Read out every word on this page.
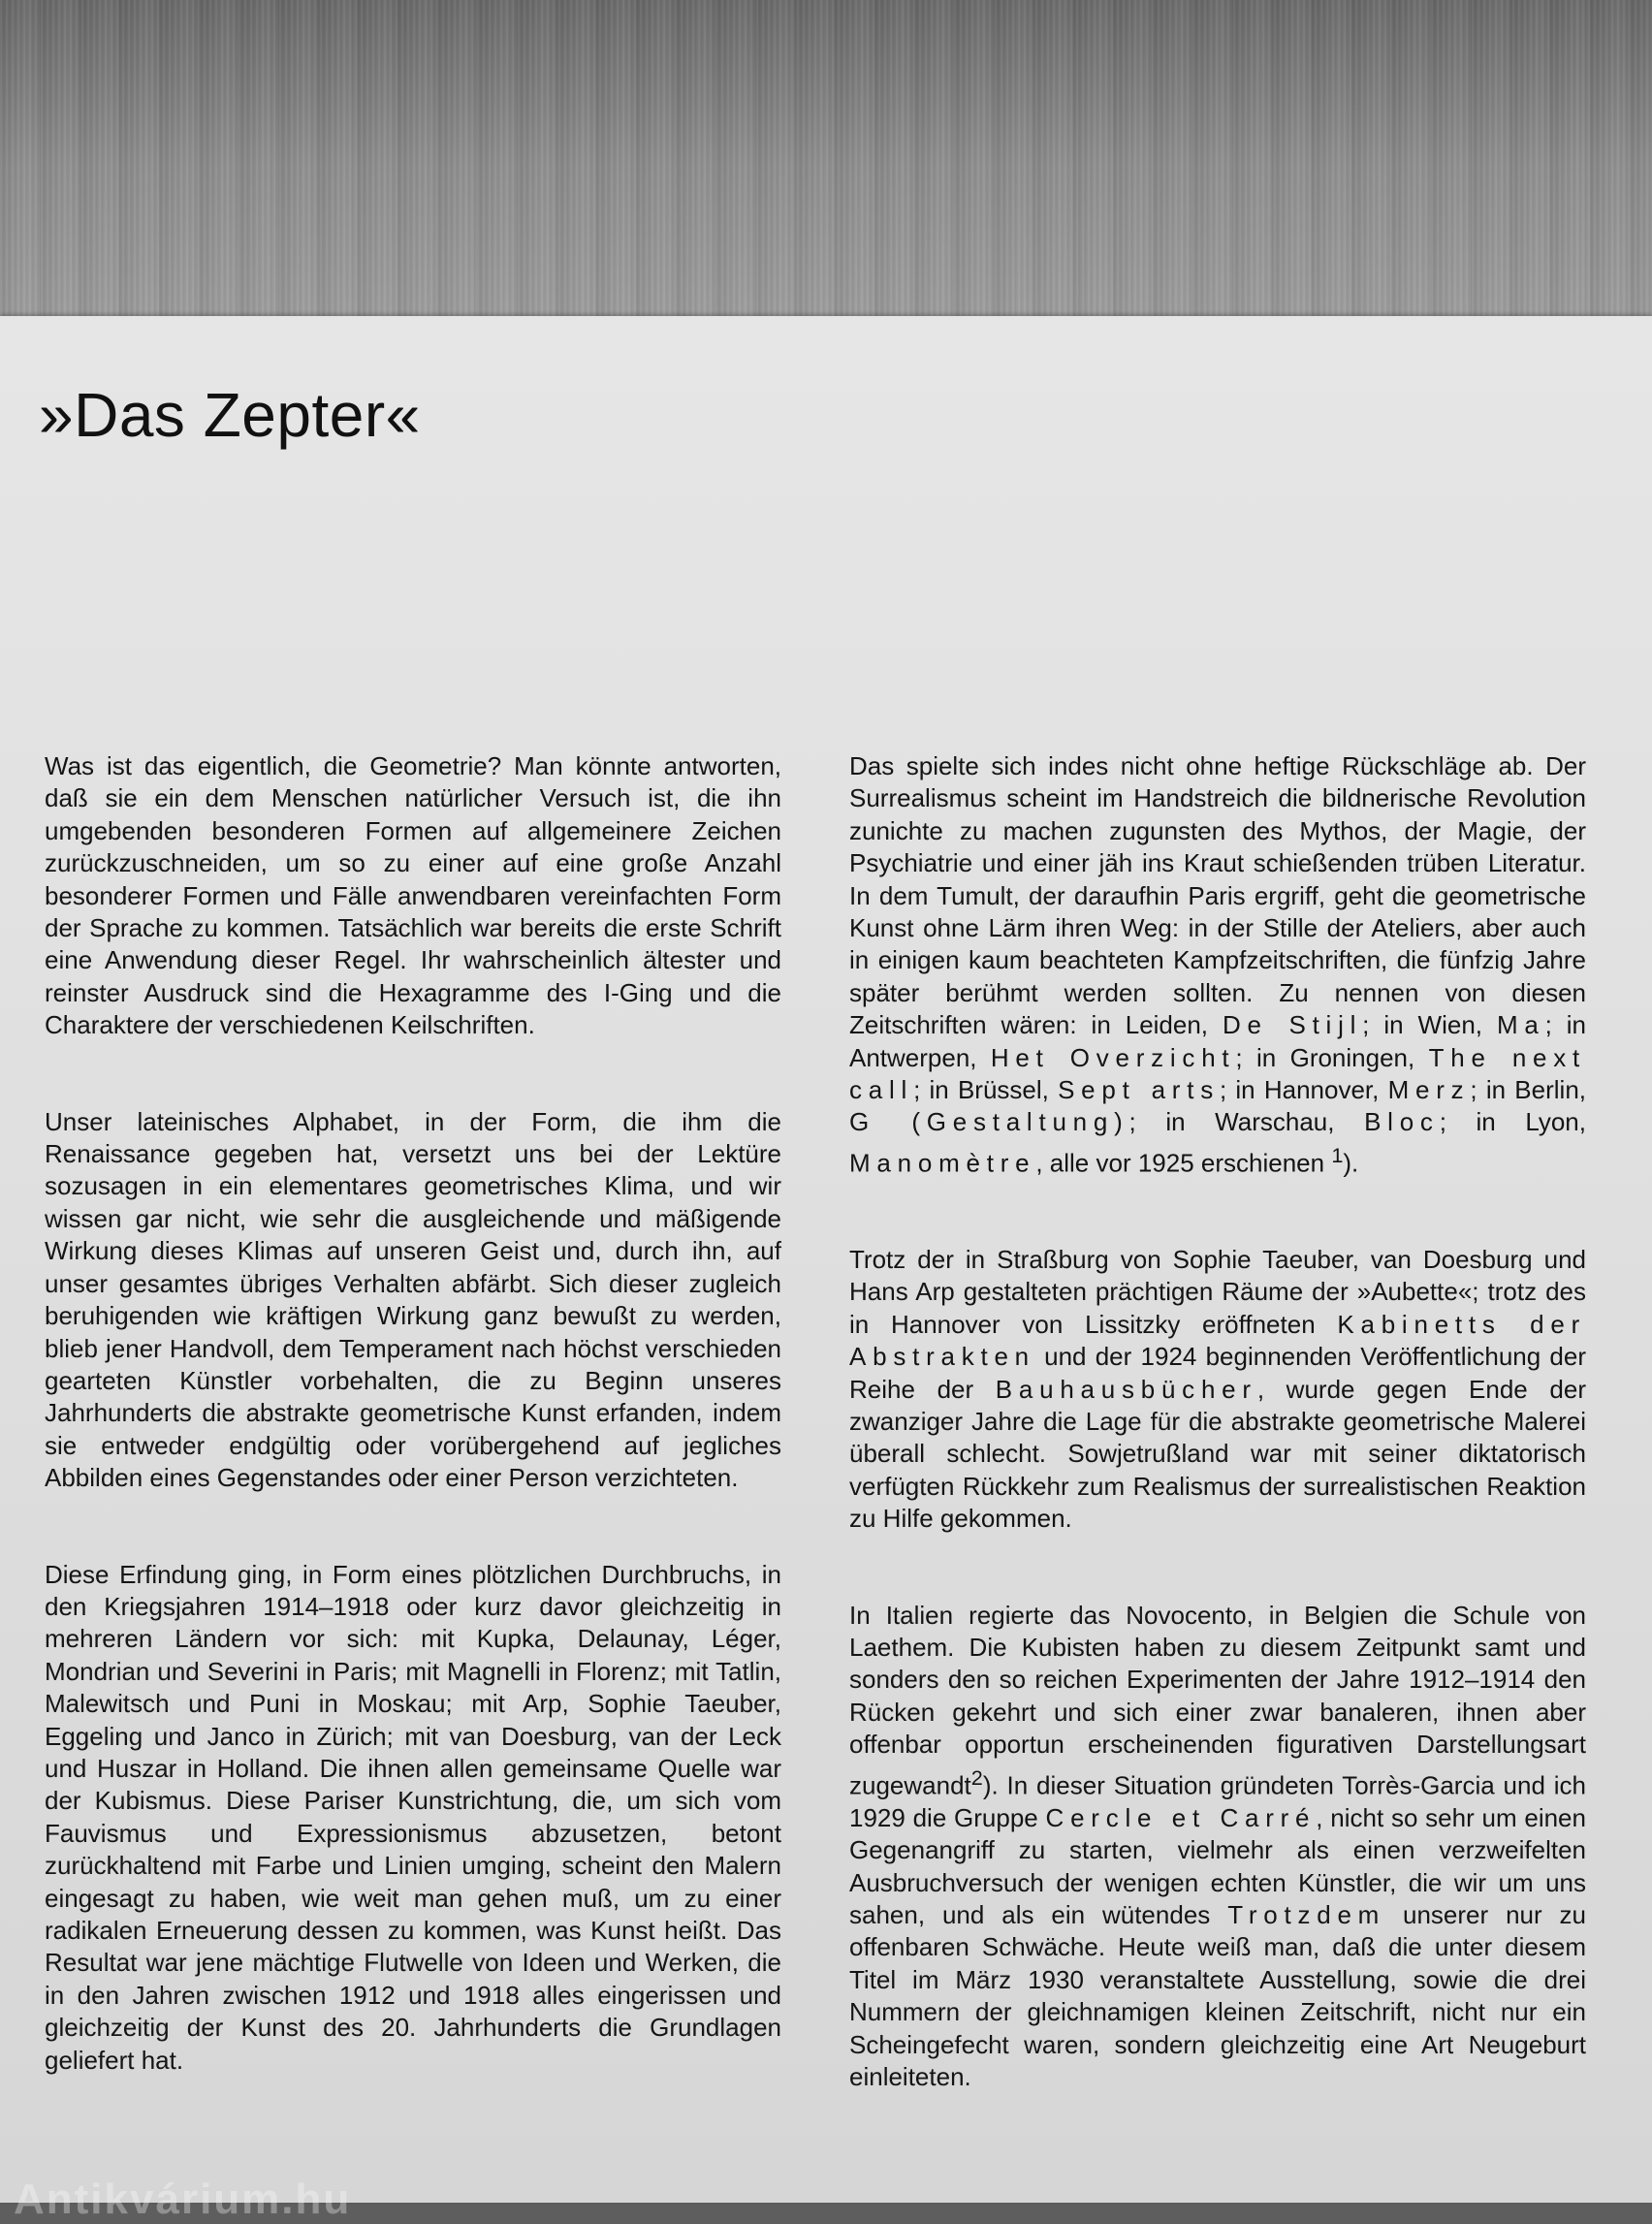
»Das Zepter«

Was ist das eigentlich, die Geometrie? Man könnte antworten, daß sie ein dem Menschen natürlicher Versuch ist, die ihn umgebenden besonderen Formen auf allgemeinere Zeichen zurückzuschneiden, um so zu einer auf eine große Anzahl besonderer Formen und Fälle anwendbaren vereinfachten Form der Sprache zu kommen. Tatsächlich war bereits die erste Schrift eine Anwendung dieser Regel. Ihr wahrscheinlich ältester und reinster Ausdruck sind die Hexagramme des I-Ging und die Charaktere der verschiedenen Keilschriften.

Unser lateinisches Alphabet, in der Form, die ihm die Renaissance gegeben hat, versetzt uns bei der Lektüre sozusagen in ein elementares geometrisches Klima, und wir wissen gar nicht, wie sehr die ausgleichende und mäßigende Wirkung dieses Klimas auf unseren Geist und, durch ihn, auf unser gesamtes übriges Verhalten abfärbt. Sich dieser zugleich beruhigenden wie kräftigen Wirkung ganz bewußt zu werden, blieb jener Handvoll, dem Temperament nach höchst verschieden gearteten Künstler vorbehalten, die zu Beginn unseres Jahrhunderts die abstrakte geometrische Kunst erfanden, indem sie entweder endgültig oder vorübergehend auf jegliches Abbilden eines Gegenstandes oder einer Person verzichteten.

Diese Erfindung ging, in Form eines plötzlichen Durchbruchs, in den Kriegsjahren 1914–1918 oder kurz davor gleichzeitig in mehreren Ländern vor sich: mit Kupka, Delaunay, Léger, Mondrian und Severini in Paris; mit Magnelli in Florenz; mit Tatlin, Malewitsch und Puni in Moskau; mit Arp, Sophie Taeuber, Eggeling und Janco in Zürich; mit van Doesburg, van der Leck und Huszar in Holland. Die ihnen allen gemeinsame Quelle war der Kubismus. Diese Pariser Kunstrichtung, die, um sich vom Fauvismus und Expressionismus abzusetzen, betont zurückhaltend mit Farbe und Linien umging, scheint den Malern eingesagt zu haben, wie weit man gehen muß, um zu einer radikalen Erneuerung dessen zu kommen, was Kunst heißt. Das Resultat war jene mächtige Flutwelle von Ideen und Werken, die in den Jahren zwischen 1912 und 1918 alles eingerissen und gleichzeitig der Kunst des 20. Jahrhunderts die Grundlagen geliefert hat.

Das spielte sich indes nicht ohne heftige Rückschläge ab. Der Surrealismus scheint im Handstreich die bildnerische Revolution zunichte zu machen zugunsten des Mythos, der Magie, der Psychiatrie und einer jäh ins Kraut schießenden trüben Literatur. In dem Tumult, der daraufhin Paris ergriff, geht die geometrische Kunst ohne Lärm ihren Weg: in der Stille der Ateliers, aber auch in einigen kaum beachteten Kampfzeitschriften, die fünfzig Jahre später berühmt werden sollten. Zu nennen von diesen Zeitschriften wären: in Leiden, De Stijl; in Wien, Ma; in Antwerpen, Het Overzicht; in Groningen, The next call; in Brüssel, Sept arts; in Hannover, Merz; in Berlin, G (Gestaltung); in Warschau, Bloc; in Lyon, Manomètre, alle vor 1925 erschienen $^1$).

Trotz der in Straßburg von Sophie Taeuber, van Doesburg und Hans Arp gestalteten prächtigen Räume der »Aubette«; trotz des in Hannover von Lissitzky eröffneten Kabinetts der Abstrakten und der 1924 beginnenden Veröffentlichung der Reihe der Bauhausbücher, wurde gegen Ende der zwanziger Jahre die Lage für die abstrakte geometrische Malerei überall schlecht. Sowjetrußland war mit seiner diktatorisch verfügten Rückkehr zum Realismus der surrealistischen Reaktion zu Hilfe gekommen.

In Italien regierte das Novocento, in Belgien die Schule von Laethem. Die Kubisten haben zu diesem Zeitpunkt samt und sonders den so reichen Experimenten der Jahre 1912–1914 den Rücken gekehrt und sich einer zwar banaleren, ihnen aber offenbar opportun erscheinenden figurativen Darstellungsart zugewandt$^2$). In dieser Situation gründeten Torrès-Garcia und ich 1929 die Gruppe Cercle et Carré, nicht so sehr um einen Gegenangriff zu starten, vielmehr als einen verzweifelten Ausbruchversuch der wenigen echten Künstler, die wir um uns sahen, und als ein wütendes Trotzdem unserer nur zu offenbaren Schwäche. Heute weiß man, daß die unter diesem Titel im März 1930 veranstaltete Ausstellung, sowie die drei Nummern der gleichnamigen kleinen Zeitschrift, nicht nur ein Scheingefecht waren, sondern gleichzeitig eine Art Neugeburt einleiteten.

Antikvárium.hu
